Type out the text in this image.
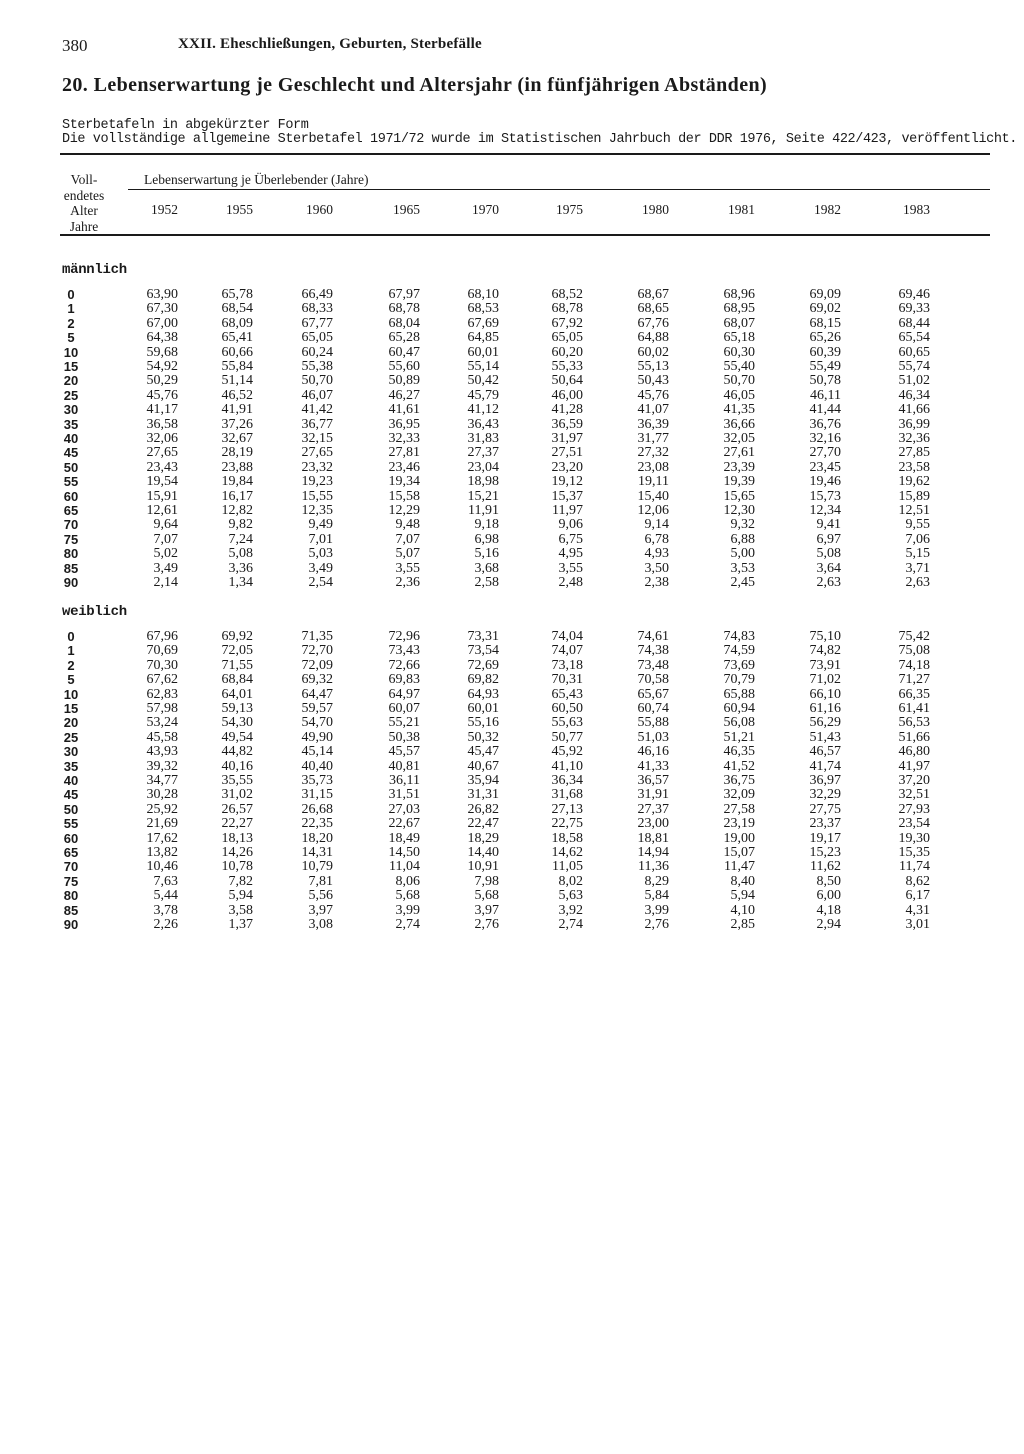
380	XXII. Eheschließungen, Geburten, Sterbefälle
20. Lebenserwartung je Geschlecht und Altersjahr (in fünfjährigen Abständen)
Sterbetafeln in abgekürzter Form
Die vollständige allgemeine Sterbetafel 1971/72 wurde im Statistischen Jahrbuch der DDR 1976, Seite 422/423, veröffentlicht.
Voll-
endetes
Alter
Jahre
Lebenserwartung je Überlebender (Jahre)
1952	1955	1960	1965	1970	1975	1980	1981	1982	1983
männlich
0	63,90	65,78	66,49	67,97	68,10	68,52	68,67	68,96	69,09	69,46
1	67,30	68,54	68,33	68,78	68,53	68,78	68,65	68,95	69,02	69,33
2	67,00	68,09	67,77	68,04	67,69	67,92	67,76	68,07	68,15	68,44
5	64,38	65,41	65,05	65,28	64,85	65,05	64,88	65,18	65,26	65,54
10	59,68	60,66	60,24	60,47	60,01	60,20	60,02	60,30	60,39	60,65
15	54,92	55,84	55,38	55,60	55,14	55,33	55,13	55,40	55,49	55,74
20	50,29	51,14	50,70	50,89	50,42	50,64	50,43	50,70	50,78	51,02
25	45,76	46,52	46,07	46,27	45,79	46,00	45,76	46,05	46,11	46,34
30	41,17	41,91	41,42	41,61	41,12	41,28	41,07	41,35	41,44	41,66
35	36,58	37,26	36,77	36,95	36,43	36,59	36,39	36,66	36,76	36,99
40	32,06	32,67	32,15	32,33	31,83	31,97	31,77	32,05	32,16	32,36
45	27,65	28,19	27,65	27,81	27,37	27,51	27,32	27,61	27,70	27,85
50	23,43	23,88	23,32	23,46	23,04	23,20	23,08	23,39	23,45	23,58
55	19,54	19,84	19,23	19,34	18,98	19,12	19,11	19,39	19,46	19,62
60	15,91	16,17	15,55	15,58	15,21	15,37	15,40	15,65	15,73	15,89
65	12,61	12,82	12,35	12,29	11,91	11,97	12,06	12,30	12,34	12,51
70	9,64	9,82	9,49	9,48	9,18	9,06	9,14	9,32	9,41	9,55
75	7,07	7,24	7,01	7,07	6,98	6,75	6,78	6,88	6,97	7,06
80	5,02	5,08	5,03	5,07	5,16	4,95	4,93	5,00	5,08	5,15
85	3,49	3,36	3,49	3,55	3,68	3,55	3,50	3,53	3,64	3,71
90	2,14	1,34	2,54	2,36	2,58	2,48	2,38	2,45	2,63	2,63
weiblich
0	67,96	69,92	71,35	72,96	73,31	74,04	74,61	74,83	75,10	75,42
1	70,69	72,05	72,70	73,43	73,54	74,07	74,38	74,59	74,82	75,08
2	70,30	71,55	72,09	72,66	72,69	73,18	73,48	73,69	73,91	74,18
5	67,62	68,84	69,32	69,83	69,82	70,31	70,58	70,79	71,02	71,27
10	62,83	64,01	64,47	64,97	64,93	65,43	65,67	65,88	66,10	66,35
15	57,98	59,13	59,57	60,07	60,01	60,50	60,74	60,94	61,16	61,41
20	53,24	54,30	54,70	55,21	55,16	55,63	55,88	56,08	56,29	56,53
25	45,58	49,54	49,90	50,38	50,32	50,77	51,03	51,21	51,43	51,66
30	43,93	44,82	45,14	45,57	45,47	45,92	46,16	46,35	46,57	46,80
35	39,32	40,16	40,40	40,81	40,67	41,10	41,33	41,52	41,74	41,97
40	34,77	35,55	35,73	36,11	35,94	36,34	36,57	36,75	36,97	37,20
45	30,28	31,02	31,15	31,51	31,31	31,68	31,91	32,09	32,29	32,51
50	25,92	26,57	26,68	27,03	26,82	27,13	27,37	27,58	27,75	27,93
55	21,69	22,27	22,35	22,67	22,47	22,75	23,00	23,19	23,37	23,54
60	17,62	18,13	18,20	18,49	18,29	18,58	18,81	19,00	19,17	19,30
65	13,82	14,26	14,31	14,50	14,40	14,62	14,94	15,07	15,23	15,35
70	10,46	10,78	10,79	11,04	10,91	11,05	11,36	11,47	11,62	11,74
75	7,63	7,82	7,81	8,06	7,98	8,02	8,29	8,40	8,50	8,62
80	5,44	5,94	5,56	5,68	5,68	5,63	5,84	5,94	6,00	6,17
85	3,78	3,58	3,97	3,99	3,97	3,92	3,99	4,10	4,18	4,31
90	2,26	1,37	3,08	2,74	2,76	2,74	2,76	2,85	2,94	3,01
